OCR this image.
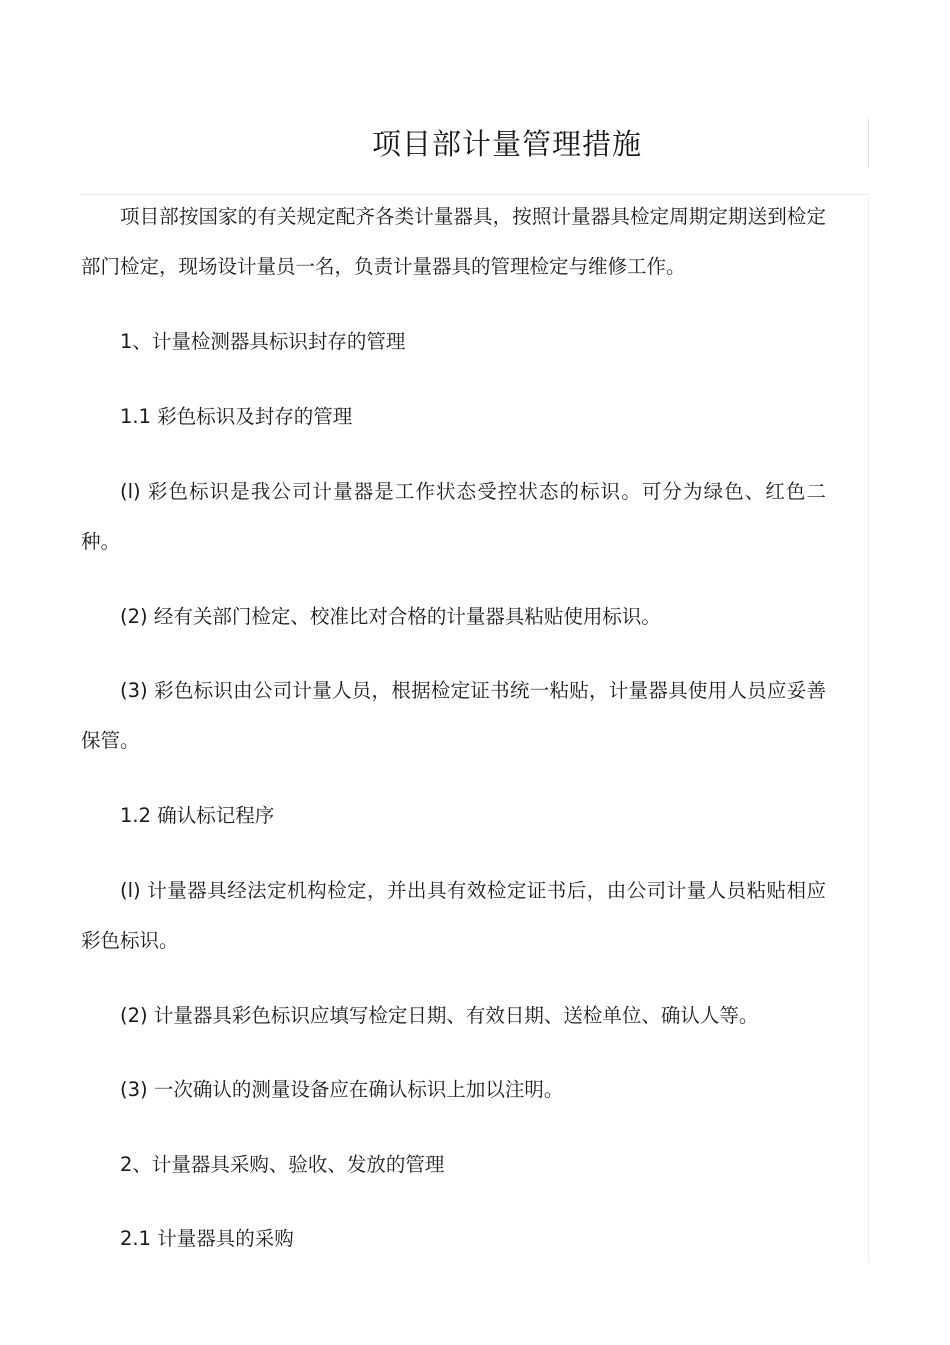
项目部计量管理措施

项目部按国家的有关规定配齐各类计量器具，按照计量器具检定周期定期送到检定部门检定，现场设计量员一名，负责计量器具的管理检定与维修工作。

1、计量检测器具标识封存的管理

1.1 彩色标识及封存的管理

(l) 彩色标识是我公司计量器是工作状态受控状态的标识。可分为绿色、红色二种。

(2) 经有关部门检定、校准比对合格的计量器具粘贴使用标识。

(3) 彩色标识由公司计量人员，根据检定证书统一粘贴，计量器具使用人员应妥善保管。

1.2 确认标记程序

(l) 计量器具经法定机构检定，并出具有效检定证书后，由公司计量人员粘贴相应彩色标识。

(2) 计量器具彩色标识应填写检定日期、有效日期、送检单位、确认人等。

(3) 一次确认的测量设备应在确认标识上加以注明。

2、计量器具采购、验收、发放的管理

2.1 计量器具的采购
